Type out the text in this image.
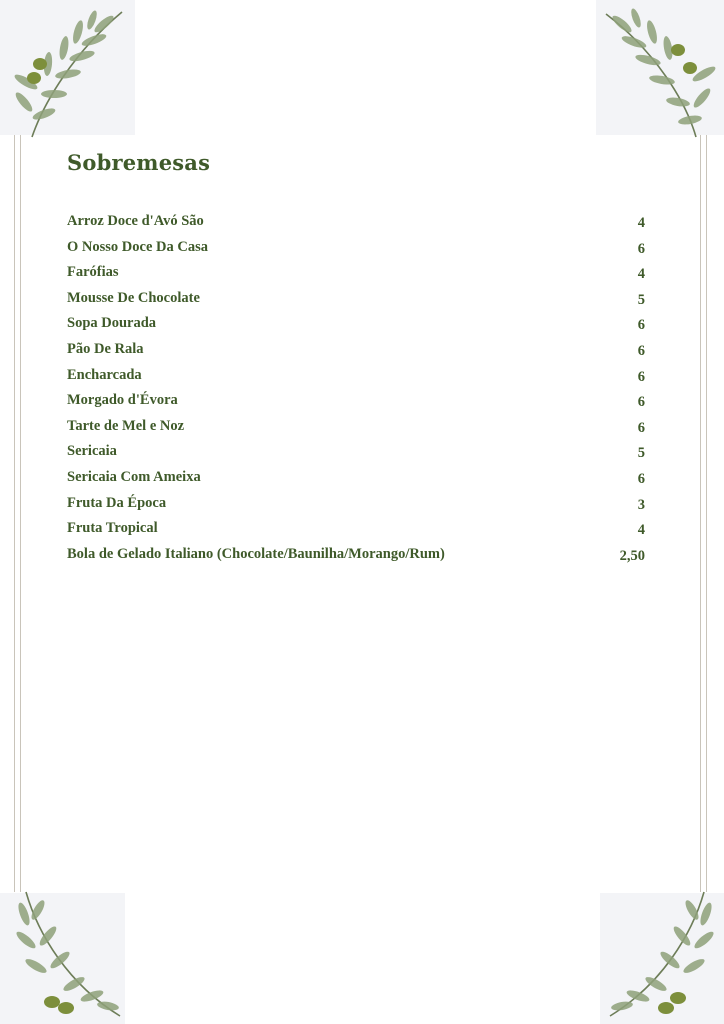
Sobremesas
Arroz Doce d'Avó São	4
O Nosso Doce Da Casa	6
Farófias	4
Mousse De Chocolate	5
Sopa Dourada	6
Pão De Rala	6
Encharcada	6
Morgado d'Évora	6
Tarte de Mel e Noz	6
Sericaia	5
Sericaia Com Ameixa	6
Fruta Da Época	3
Fruta Tropical	4
Bola de Gelado Italiano (Chocolate/Baunilha/Morango/Rum)	2,50
